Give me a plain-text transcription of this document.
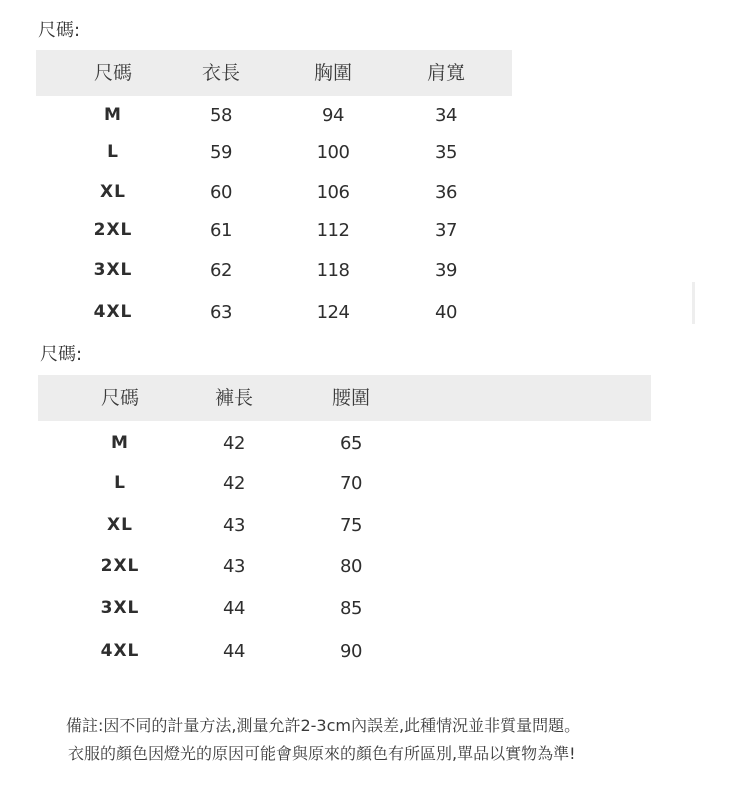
尺碼:
尺碼	衣長	胸圍	肩寬
M	58	94	34
L	59	100	35
XL	60	106	36
2XL	61	112	37
3XL	62	118	39
4XL	63	124	40
尺碼:
尺碼	褲長	腰圍
M	42	65
L	42	70
XL	43	75
2XL	43	80
3XL	44	85
4XL	44	90
備註:因不同的計量方法,測量允許2-3cm內誤差,此種情況並非質量問題。
衣服的顏色因燈光的原因可能會與原來的顏色有所區別,單品以實物為準!
